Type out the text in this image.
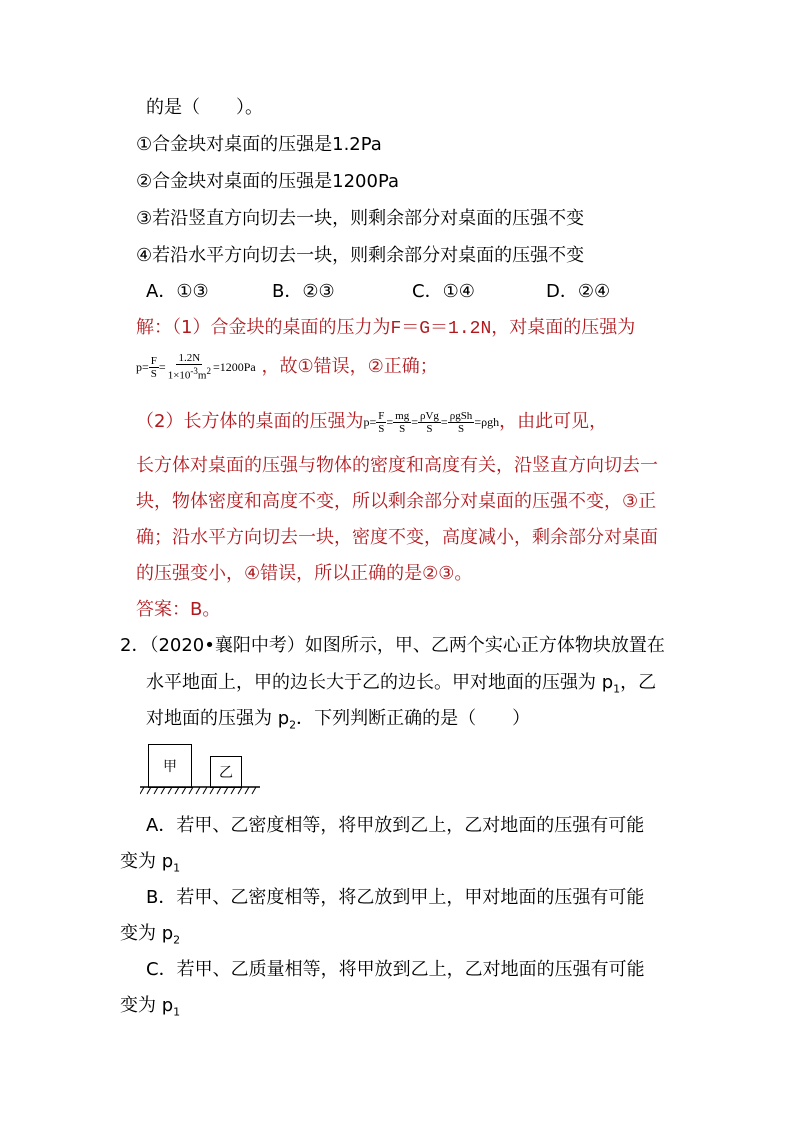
的是（　　）。
①合金块对桌面的压强是1.2Pa
②合金块对桌面的压强是1200Pa
③若沿竖直方向切去一块，则剩余部分对桌面的压强不变
④若沿水平方向切去一块，则剩余部分对桌面的压强不变
A．①③	B．②③	C．①④	D．②④
解：（1）合金块的桌面的压力为F＝G＝1.2N，对桌面的压强为
$p= \frac{F}{S} = \frac{1.2N}{1\times 10^{-3}m^2} =1200Pa$ ，故①错误，②正确；
（2）长方体的桌面的压强为$p= \frac{F}{S} = \frac{mg}{S} = \frac{\text{ρVg}}{S} = \frac{\text{ρgSh}}{S} =\rho gh$，由此可见，
长方体对桌面的压强与物体的密度和高度有关，沿竖直方向切去一
块，物体密度和高度不变，所以剩余部分对桌面的压强不变，③正
确；沿水平方向切去一块，密度不变，高度减小，剩余部分对桌面
的压强变小，④错误，所以正确的是②③。
答案：B。
2．（2020•襄阳中考）如图所示，甲、乙两个实心正方体物块放置在
水平地面上，甲的边长大于乙的边长。甲对地面的压强为 $p_1$，乙
对地面的压强为 $p_2$．下列判断正确的是（　　）
甲	乙
A．若甲、乙密度相等，将甲放到乙上，乙对地面的压强有可能
变为 $p_1$
B．若甲、乙密度相等，将乙放到甲上，甲对地面的压强有可能
变为 $p_2$
C．若甲、乙质量相等，将甲放到乙上，乙对地面的压强有可能
变为 $p_1$
